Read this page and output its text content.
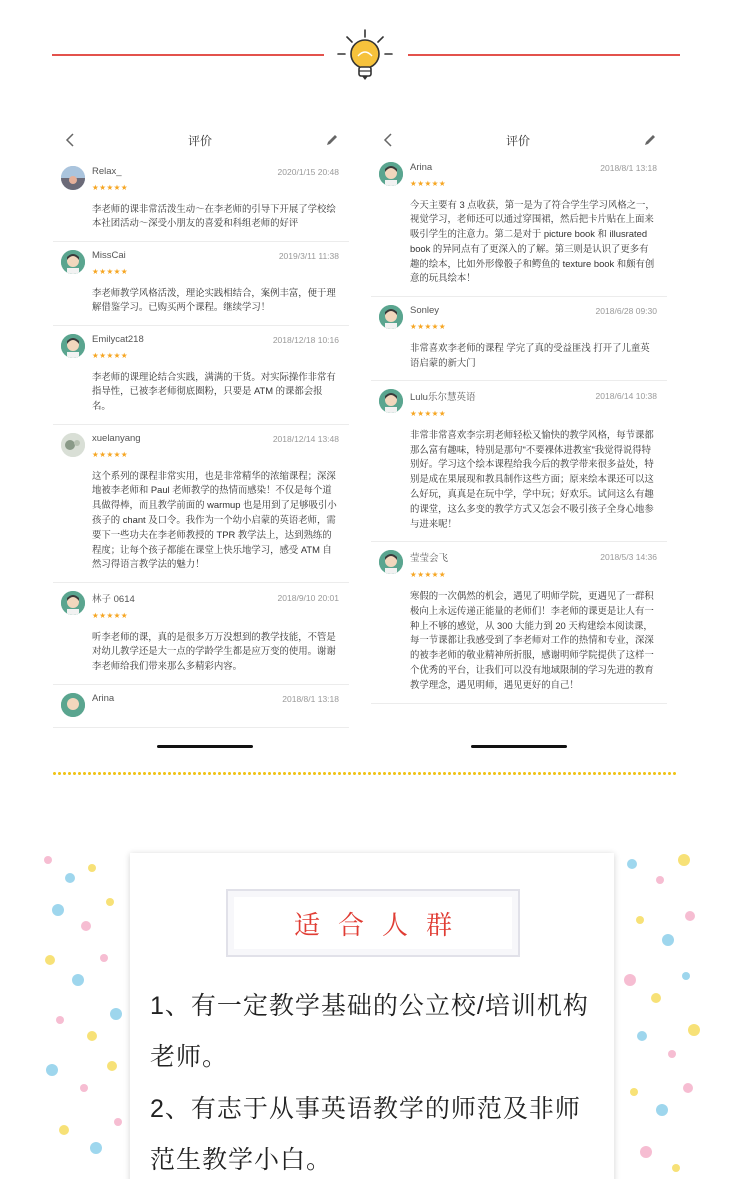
评价
Relax_	2020/1/15 20:48
★★★★★
李老师的课非常活泼生动～在李老师的引导下开展了学校绘本社团活动～深受小朋友的喜爱和科组老师的好评
MissCai	2019/3/11 11:38
★★★★★
李老师教学风格活泼，理论实践相结合，案例丰富，便于理解借鉴学习。已购买两个课程。继续学习！
Emilycat218	2018/12/18 10:16
★★★★★
李老师的课理论结合实践，满满的干货。对实际操作非常有指导性，已被李老师彻底圈粉，只要是 ATM 的课都会报名。
xuelanyang	2018/12/14 13:48
★★★★★
这个系列的课程非常实用，也是非常精华的浓缩课程；深深地被李老师和 Paul 老师教学的热情而感染！不仅是每个道具做得棒，而且教学前面的 warmup 也是用到了足够吸引小孩子的 chant 及口令。我作为一个幼小启蒙的英语老师，需要下一些功夫在李老师教授的 TPR 教学法上，达到熟练的程度；让每个孩子都能在课堂上快乐地学习，感受 ATM 自然习得语言教学法的魅力！
林子 0614	2018/9/10 20:01
★★★★★
听李老师的课，真的是很多万万没想到的教学技能，不管是对幼儿教学还是大一点的学龄学生都是应万变的使用。谢谢李老师给我们带来那么多精彩内容。
Arina	2018/8/1 13:18
评价
Arina	2018/8/1 13:18
★★★★★
今天主要有 3 点收获，第一是为了符合学生学习风格之一，视觉学习，老师还可以通过穿围裙，然后把卡片贴在上面来吸引学生的注意力。第二是对于 picture book 和 illusrated book 的异同点有了更深入的了解。第三则是认识了更多有趣的绘本，比如外形像骰子和鳄鱼的 texture book 和颇有创意的玩具绘本！
Sonley	2018/6/28 09:30
★★★★★
非常喜欢李老师的课程 学完了真的受益匪浅 打开了儿童英语启蒙的新大门
Lulu乐尔慧英语	2018/6/14 10:38
★★★★★
非常非常喜欢李宗玥老师轻松又愉快的教学风格，每节课都那么富有趣味，特别是那句"不要裸体进教室"我觉得说得特别好。学习这个绘本课程给我今后的教学带来很多益处，特别是成在果展现和教具制作这些方面；原来绘本课还可以这么好玩，真真是在玩中学，学中玩；好欢乐。试问这么有趣的课堂，这么多变的教学方式又怎会不吸引孩子全身心地参与进来呢！
莹莹会飞	2018/5/3 14:36
★★★★★
寒假的一次偶然的机会，遇见了明师学院，更遇见了一群积极向上永远传递正能量的老师们！李老师的课更是让人有一种上不够的感觉，从 300 大能力到 20 天构建绘本阅读课，每一节课都让我感受到了李老师对工作的热情和专业，深深的被李老师的敬业精神所折服，感谢明师学院提供了这样一个优秀的平台，让我们可以没有地域限制的学习先进的教育教学理念，遇见明师，遇见更好的自己！
适合人群
1、有一定教学基础的公立校/培训机构老师。
2、有志于从事英语教学的师范及非师范生教学小白。
